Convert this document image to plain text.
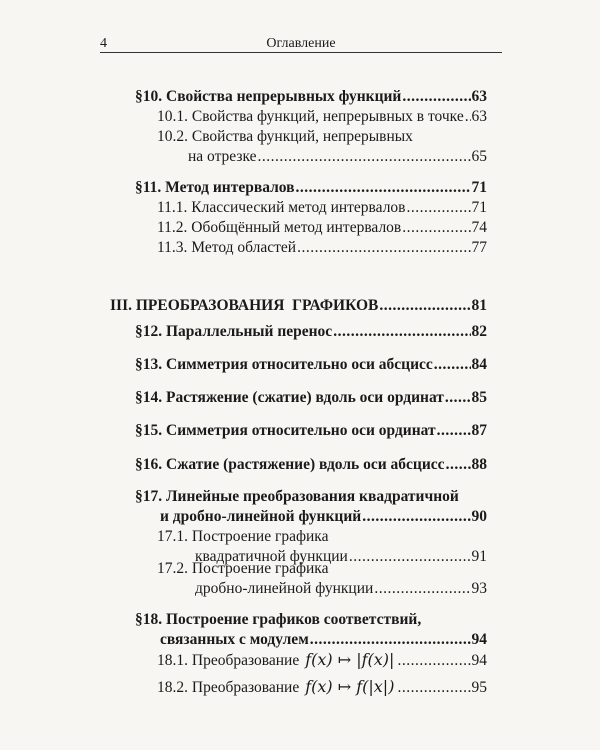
4	Оглавление
§10. Свойства непрерывных функций .....	63
10.1. Свойства функций, непрерывных в точке ..... 63
10.2. Свойства функций, непрерывных
на отрезке .....	65
§11. Метод интервалов .....	71
11.1. Классический метод интервалов .....	71
11.2. Обобщённый метод интервалов .....	74
11.3. Метод областей .....	77
III. ПРЕОБРАЗОВАНИЯ  ГРАФИКОВ .....	81
§12. Параллельный перенос .....	82
§13. Симметрия относительно оси абсцисс ..... 84
§14. Растяжение (сжатие) вдоль оси ординат ..... 85
§15. Симметрия относительно оси ординат ..... 87
§16. Сжатие (растяжение) вдоль оси абсцисс ..... 88
§17. Линейные преобразования квадратичной
и дробно-линейной функций .....	90
17.1. Построение графика
квадратичной функции .....	91
17.2. Построение графика
дробно-линейной функции .....	93
§18. Построение графиков соответствий,
связанных с модулем .....	94
18.1. Преобразование f(x) ↦ |f(x)| .....	94
18.2. Преобразование f(x) ↦ f(|x|) .....	95
